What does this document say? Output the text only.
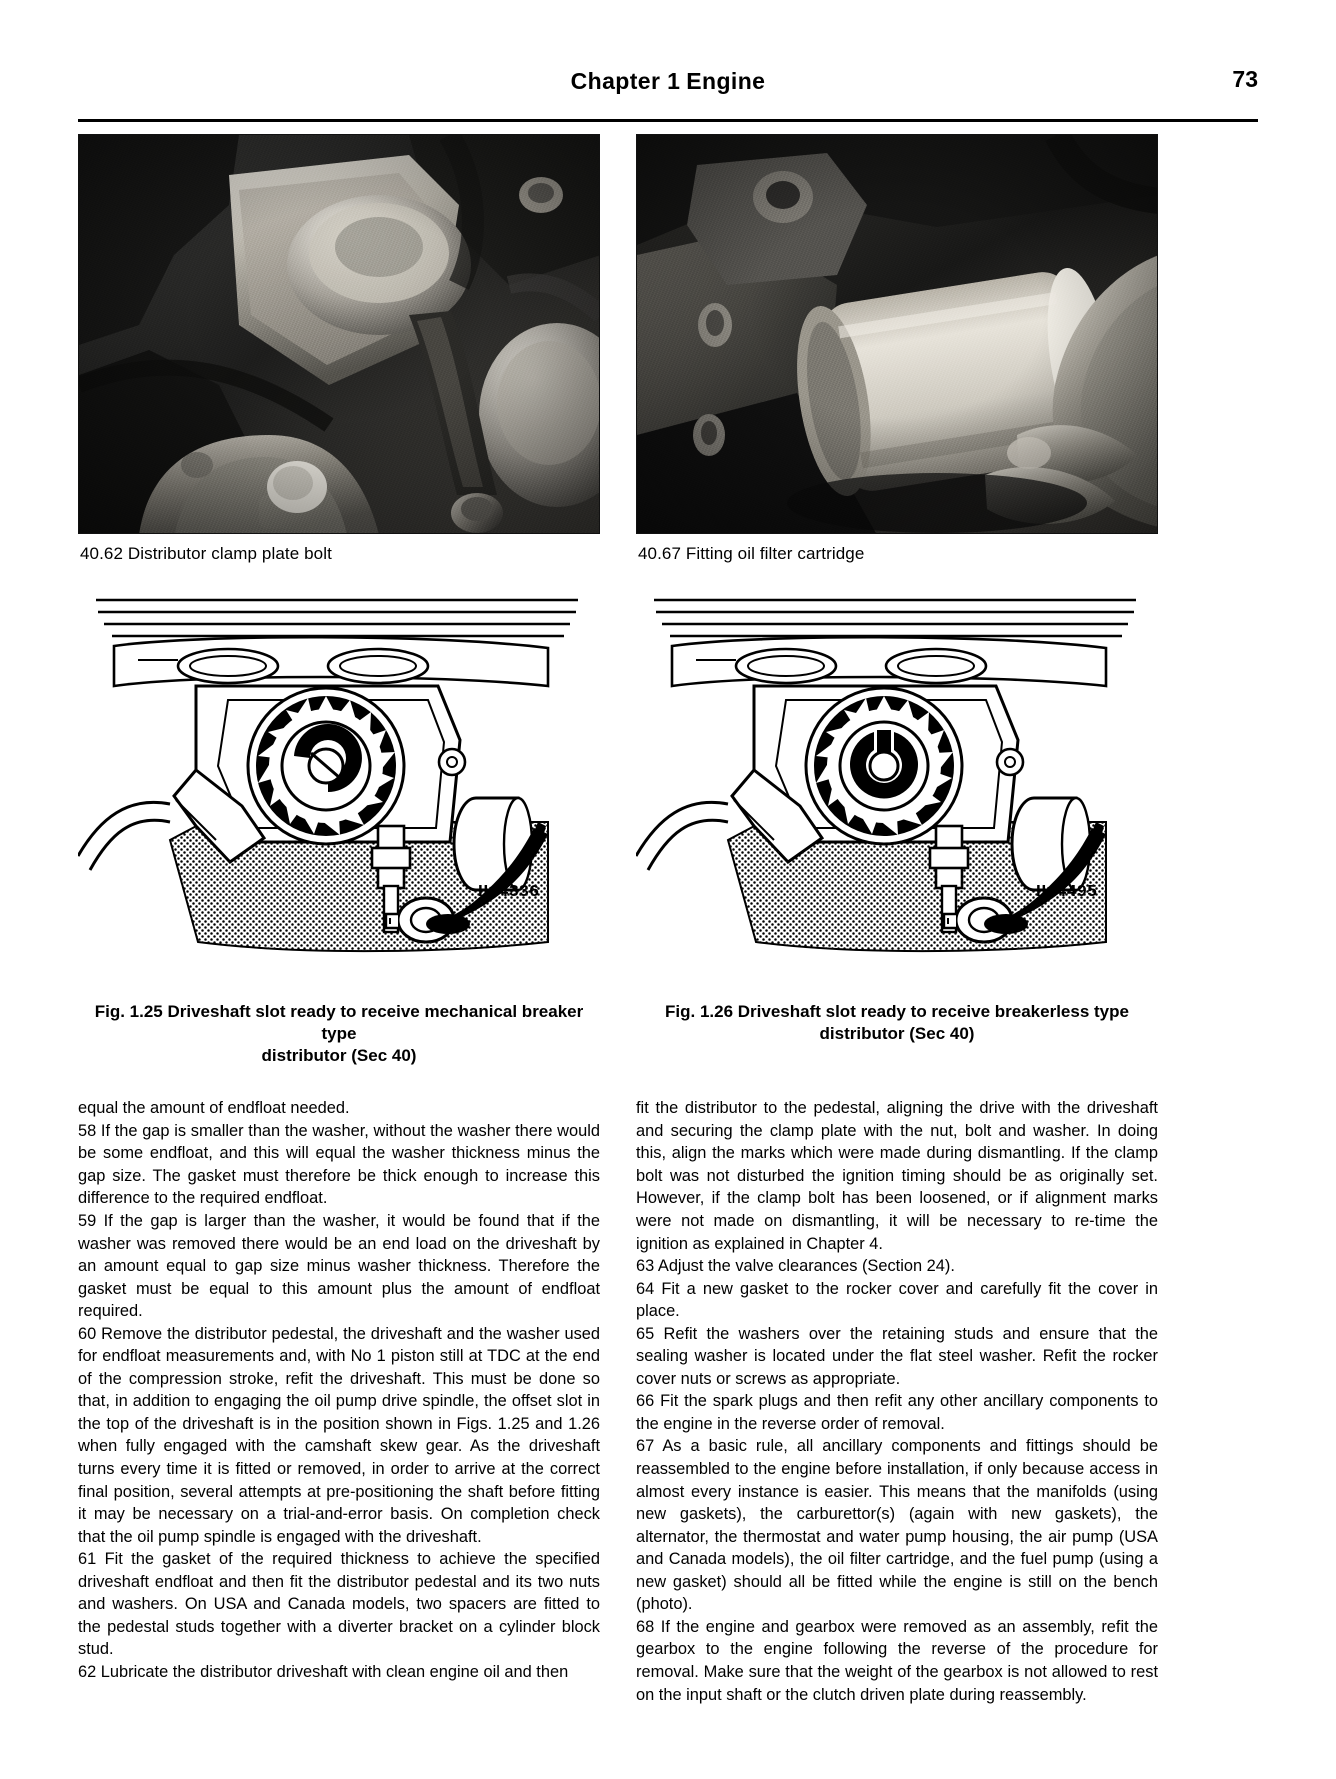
Chapter 1 Engine	73
40.62 Distributor clamp plate bolt	40.67 Fitting oil filter cartridge
H14336
Fig. 1.25 Driveshaft slot ready to receive mechanical breaker type
distributor (Sec 40)
H14495
Fig. 1.26 Driveshaft slot ready to receive breakerless type
distributor (Sec 40)

equal the amount of endfloat needed.

58 If the gap is smaller than the washer, without the washer there would be some endfloat, and this will equal the washer thickness minus the gap size. The gasket must therefore be thick enough to increase this difference to the required endfloat.

59 If the gap is larger than the washer, it would be found that if the washer was removed there would be an end load on the driveshaft by an amount equal to gap size minus washer thickness. Therefore the gasket must be equal to this amount plus the amount of endfloat required.

60 Remove the distributor pedestal, the driveshaft and the washer used for endfloat measurements and, with No 1 piston still at TDC at the end of the compression stroke, refit the driveshaft. This must be done so that, in addition to engaging the oil pump drive spindle, the offset slot in the top of the driveshaft is in the position shown in Figs. 1.25 and 1.26 when fully engaged with the camshaft skew gear. As the driveshaft turns every time it is fitted or removed, in order to arrive at the correct final position, several attempts at pre-positioning the shaft before fitting it may be necessary on a trial-and-error basis. On completion check that the oil pump spindle is engaged with the driveshaft.

61 Fit the gasket of the required thickness to achieve the specified driveshaft endfloat and then fit the distributor pedestal and its two nuts and washers. On USA and Canada models, two spacers are fitted to the pedestal studs together with a diverter bracket on a cylinder block stud.

62 Lubricate the distributor driveshaft with clean engine oil and then

fit the distributor to the pedestal, aligning the drive with the driveshaft and securing the clamp plate with the nut, bolt and washer. In doing this, align the marks which were made during dismantling. If the clamp bolt was not disturbed the ignition timing should be as originally set. However, if the clamp bolt has been loosened, or if alignment marks were not made on dismantling, it will be necessary to re-time the ignition as explained in Chapter 4.

63 Adjust the valve clearances (Section 24).

64 Fit a new gasket to the rocker cover and carefully fit the cover in place.

65 Refit the washers over the retaining studs and ensure that the sealing washer is located under the flat steel washer. Refit the rocker cover nuts or screws as appropriate.

66 Fit the spark plugs and then refit any other ancillary components to the engine in the reverse order of removal.

67 As a basic rule, all ancillary components and fittings should be reassembled to the engine before installation, if only because access in almost every instance is easier. This means that the manifolds (using new gaskets), the carburettor(s) (again with new gaskets), the alternator, the thermostat and water pump housing, the air pump (USA and Canada models), the oil filter cartridge, and the fuel pump (using a new gasket) should all be fitted while the engine is still on the bench (photo).

68 If the engine and gearbox were removed as an assembly, refit the gearbox to the engine following the reverse of the procedure for removal. Make sure that the weight of the gearbox is not allowed to rest on the input shaft or the clutch driven plate during reassembly.
